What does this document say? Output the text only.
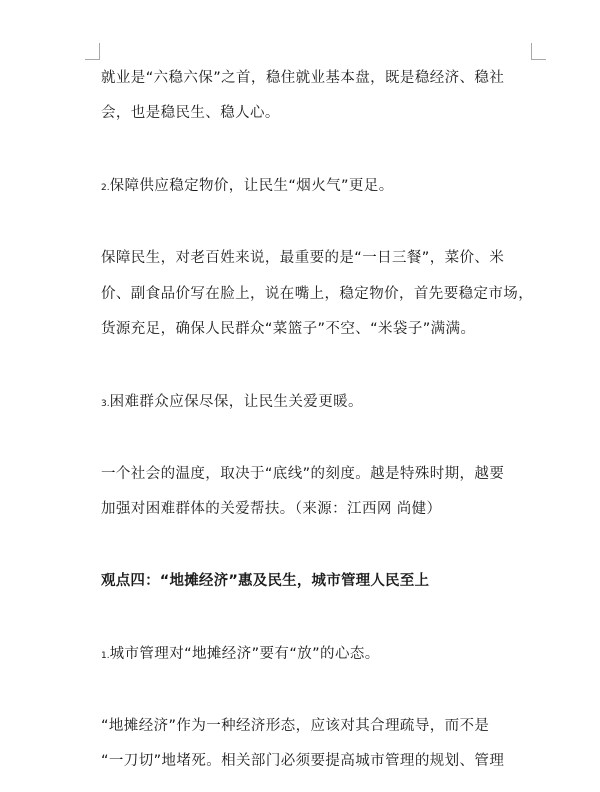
就业是“六稳六保”之首，稳住就业基本盘，既是稳经济、稳社

会，也是稳民生、稳人心。

2.保障供应稳定物价，让民生“烟火气”更足。

保障民生，对老百姓来说，最重要的是“一日三餐”，菜价、米

价、副食品价写在脸上，说在嘴上，稳定物价，首先要稳定市场，

货源充足，确保人民群众“菜篮子”不空、“米袋子”满满。

3.困难群众应保尽保，让民生关爱更暖。

一个社会的温度，取决于“底线”的刻度。越是特殊时期，越要

加强对困难群体的关爱帮扶。（来源：江西网 尚健）

观点四：“地摊经济”惠及民生，城市管理人民至上

1.城市管理对“地摊经济”要有“放”的心态。

“地摊经济”作为一种经济形态，应该对其合理疏导，而不是

“一刀切”地堵死。相关部门必须要提高城市管理的规划、管理
